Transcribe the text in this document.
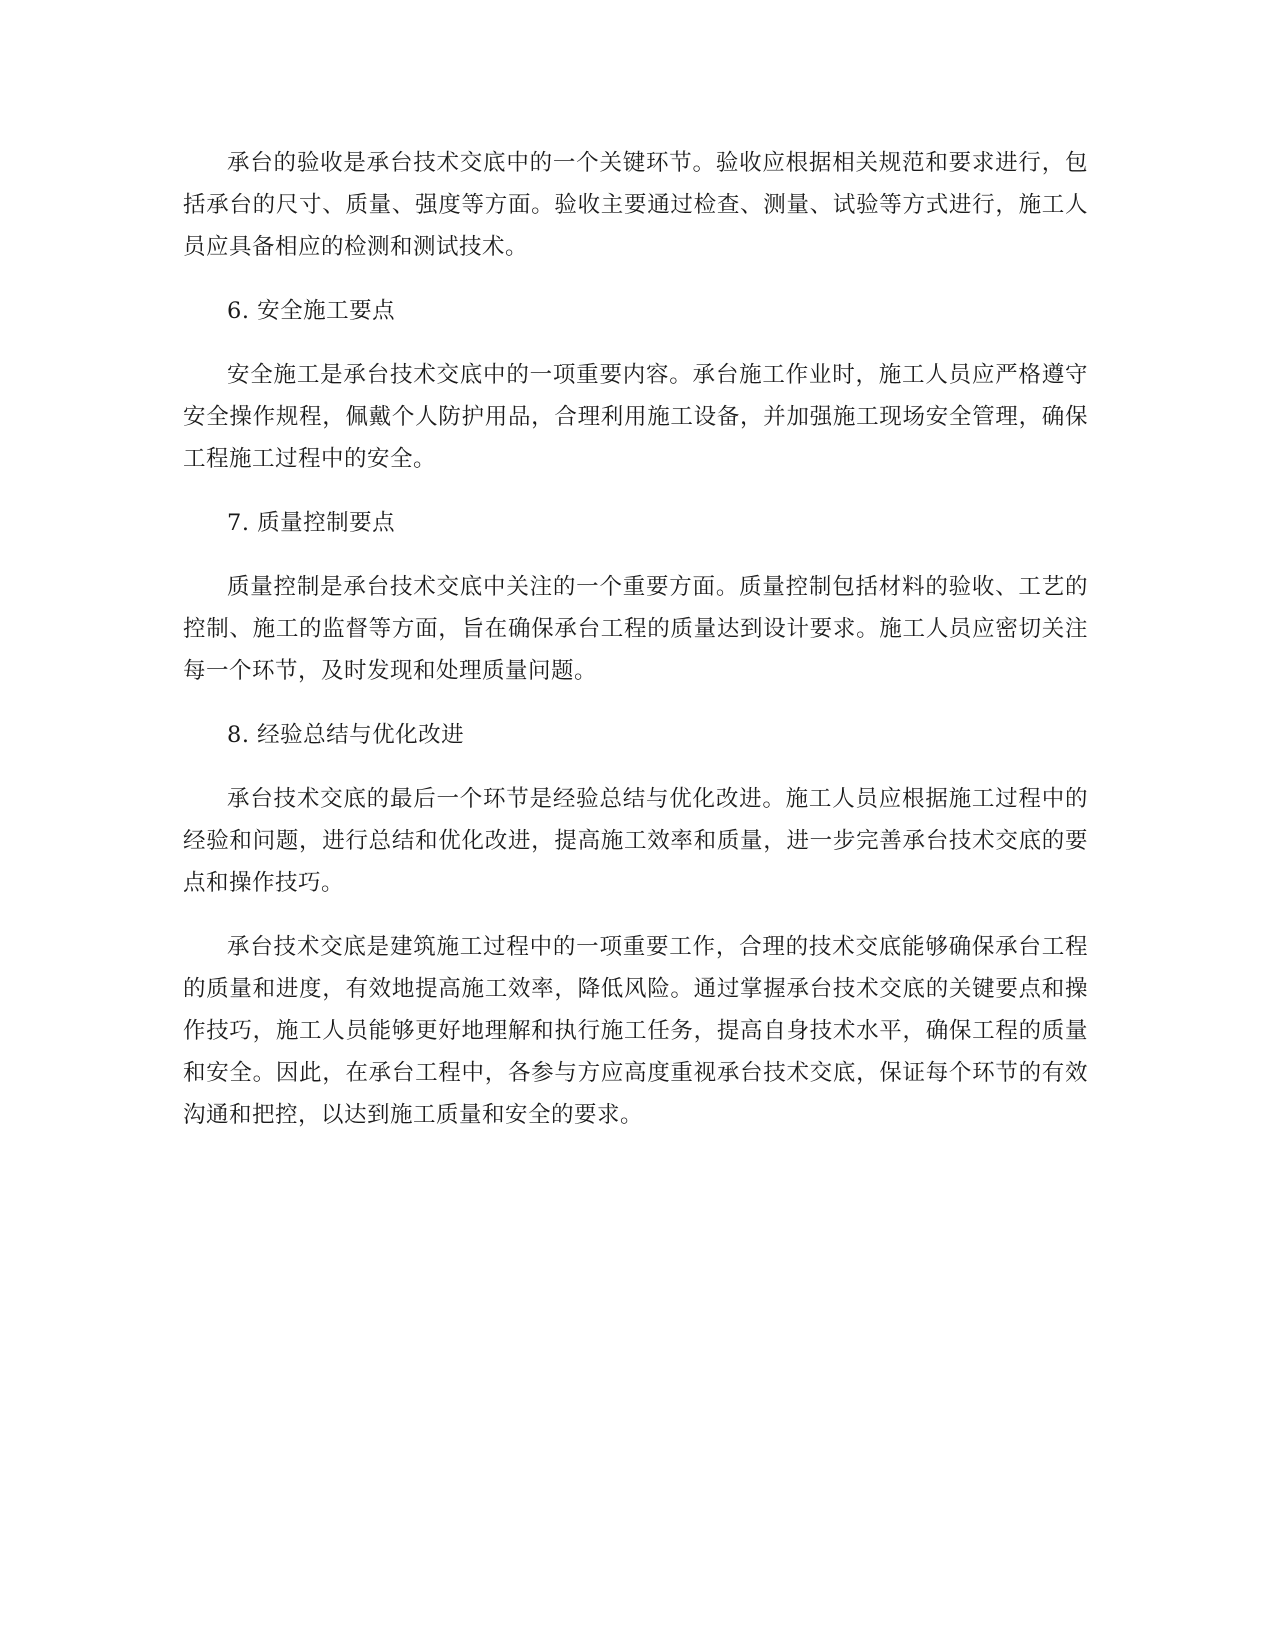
承台的验收是承台技术交底中的一个关键环节。验收应根据相关规范和要求进行，包括承台的尺寸、质量、强度等方面。验收主要通过检查、测量、试验等方式进行，施工人员应具备相应的检测和测试技术。

6. 安全施工要点

安全施工是承台技术交底中的一项重要内容。承台施工作业时，施工人员应严格遵守安全操作规程，佩戴个人防护用品，合理利用施工设备，并加强施工现场安全管理，确保工程施工过程中的安全。

7. 质量控制要点

质量控制是承台技术交底中关注的一个重要方面。质量控制包括材料的验收、工艺的控制、施工的监督等方面，旨在确保承台工程的质量达到设计要求。施工人员应密切关注每一个环节，及时发现和处理质量问题。

8. 经验总结与优化改进

承台技术交底的最后一个环节是经验总结与优化改进。施工人员应根据施工过程中的经验和问题，进行总结和优化改进，提高施工效率和质量，进一步完善承台技术交底的要点和操作技巧。

承台技术交底是建筑施工过程中的一项重要工作，合理的技术交底能够确保承台工程的质量和进度，有效地提高施工效率，降低风险。通过掌握承台技术交底的关键要点和操作技巧，施工人员能够更好地理解和执行施工任务，提高自身技术水平，确保工程的质量和安全。因此，在承台工程中，各参与方应高度重视承台技术交底，保证每个环节的有效沟通和把控，以达到施工质量和安全的要求。
